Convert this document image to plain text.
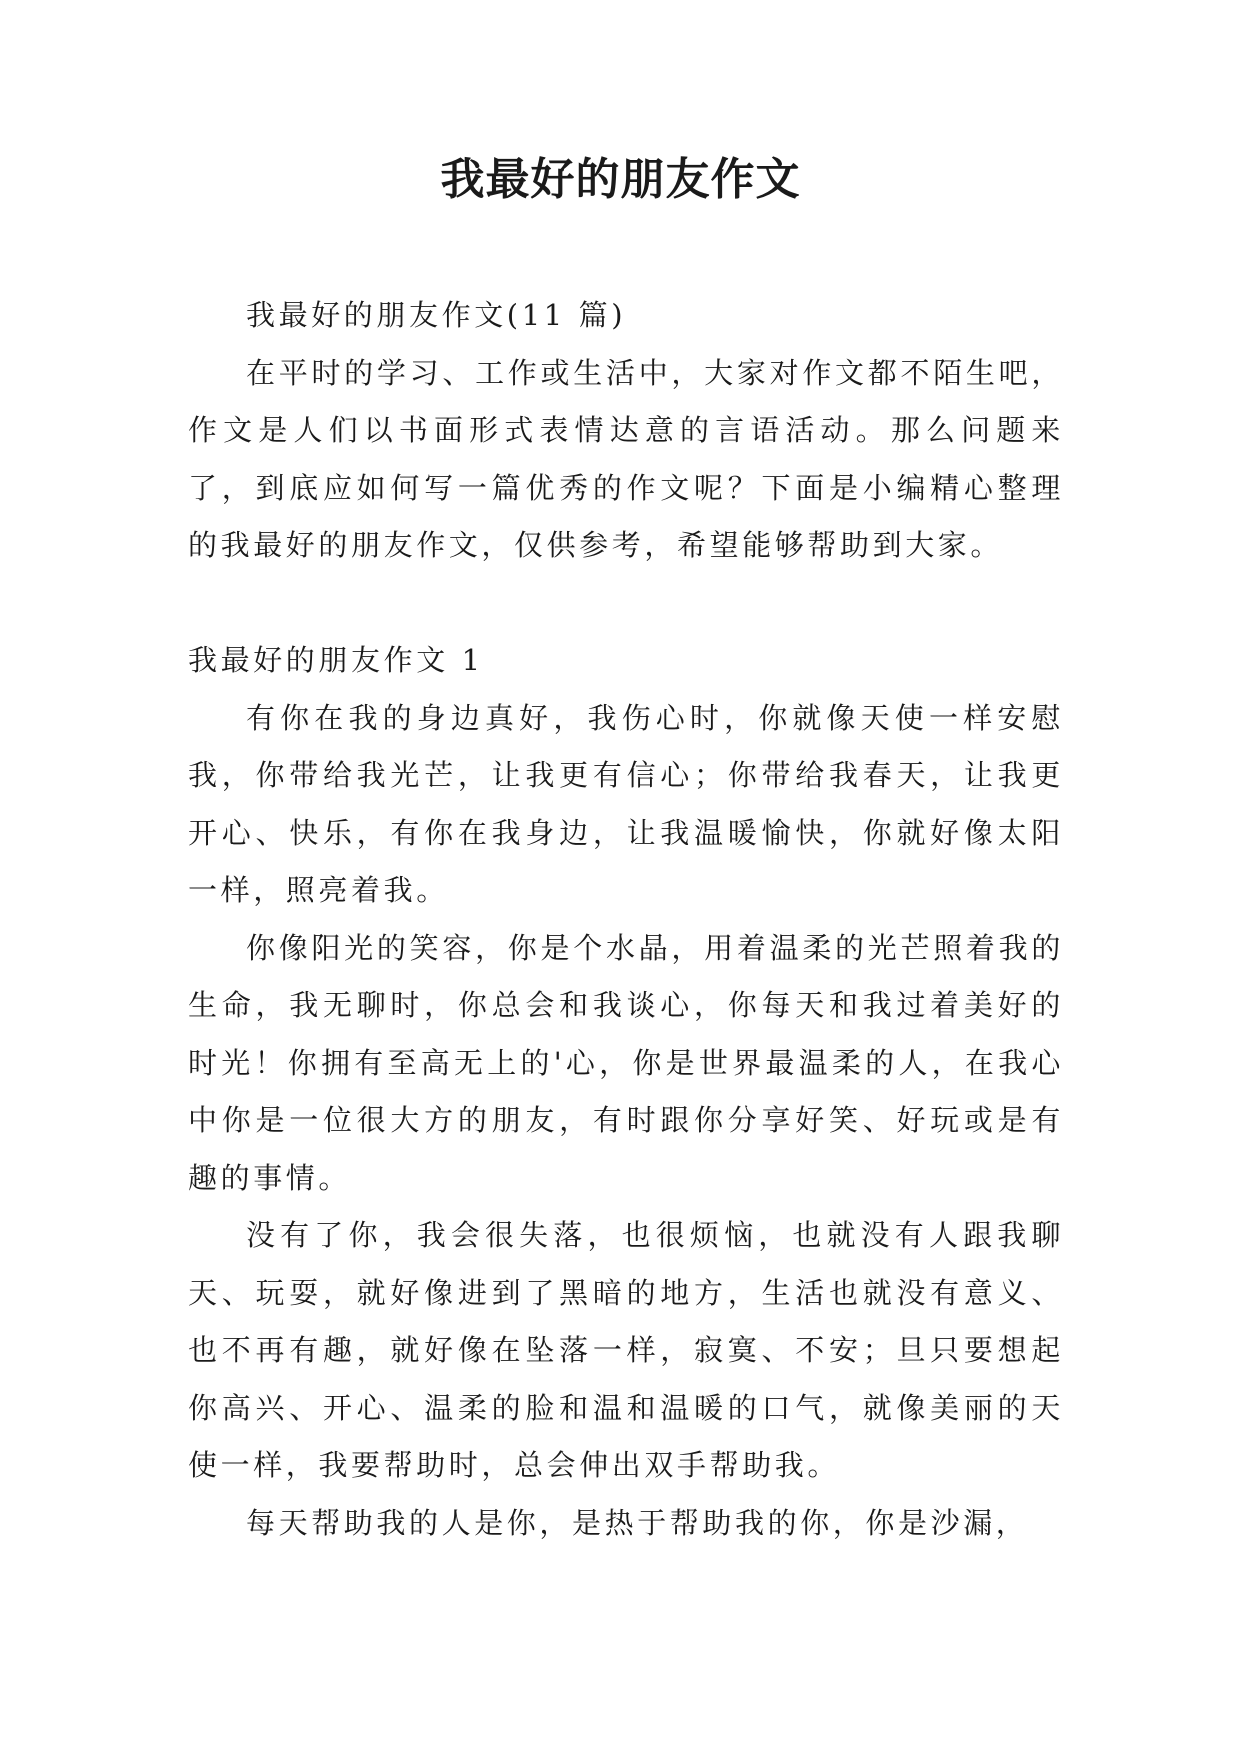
我最好的朋友作文

我最好的朋友作文(11 篇)

在平时的学习、工作或生活中，大家对作文都不陌生吧，作文是人们以书面形式表情达意的言语活动。那么问题来了，到底应如何写一篇优秀的作文呢？下面是小编精心整理的我最好的朋友作文，仅供参考，希望能够帮助到大家。

我最好的朋友作文 1

有你在我的身边真好，我伤心时，你就像天使一样安慰我，你带给我光芒，让我更有信心；你带给我春天，让我更开心、快乐，有你在我身边，让我温暖愉快，你就好像太阳一样，照亮着我。

你像阳光的笑容，你是个水晶，用着温柔的光芒照着我的生命，我无聊时，你总会和我谈心，你每天和我过着美好的时光！你拥有至高无上的'心，你是世界最温柔的人，在我心中你是一位很大方的朋友，有时跟你分享好笑、好玩或是有趣的事情。

没有了你，我会很失落，也很烦恼，也就没有人跟我聊天、玩耍，就好像进到了黑暗的地方，生活也就没有意义、也不再有趣，就好像在坠落一样，寂寞、不安；旦只要想起你高兴、开心、温柔的脸和温和温暖的口气，就像美丽的天使一样，我要帮助时，总会伸出双手帮助我。

每天帮助我的人是你，是热于帮助我的你，你是沙漏，
